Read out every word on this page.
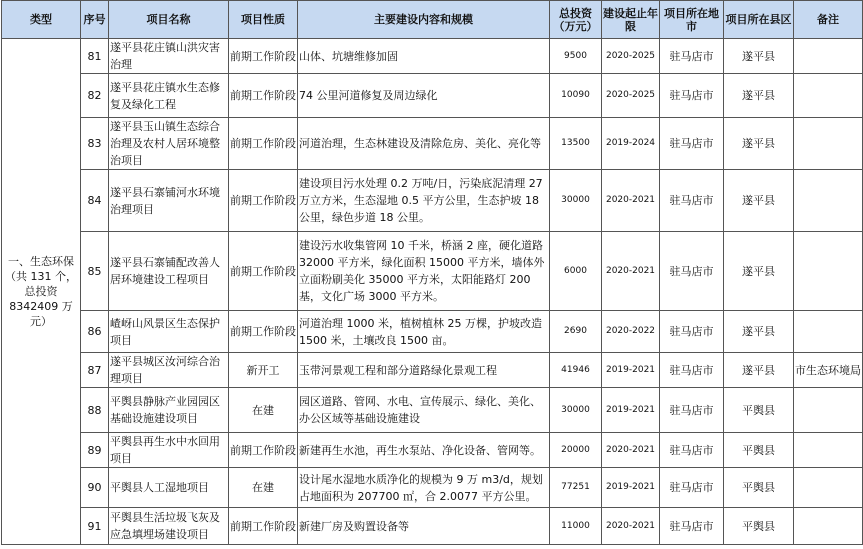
类型	序号	项目名称	项目性质	主要建设内容和规模	总投资（万元）	建设起止年限	项目所在地市	项目所在县区	备注
一、生态环保（共 131 个，总投资 8342409 万元）	81	遂平县花庄镇山洪灾害治理	前期工作阶段	山体、坑塘维修加固	9500	2020-2025	驻马店市	遂平县	
	82	遂平县花庄镇水生态修复及绿化工程	前期工作阶段	74 公里河道修复及周边绿化	10090	2020-2025	驻马店市	遂平县	
	83	遂平县玉山镇生态综合治理及农村人居环境整治项目	前期工作阶段	河道治理，生态林建设及清除危房、美化、亮化等	13500	2019-2024	驻马店市	遂平县	
	84	遂平县石寨铺河水环境治理项目	前期工作阶段	建设项目污水处理 0.2 万吨/日，污染底泥清理 27 万立方米，生态湿地 0.5 平方公里，生态护坡 18 公里，绿色步道 18 公里。	30000	2020-2021	驻马店市	遂平县	
	85	遂平县石寨铺配改善人居环境建设工程项目	前期工作阶段	建设污水收集管网 10 千米，桥涵 2 座，硬化道路 32000 平方米，绿化面积 15000 平方米，墙体外立面粉刷美化 35000 平方米，太阳能路灯 200 基，文化广场 3000 平方米。	6000	2020-2021	驻马店市	遂平县	
	86	嵖岈山风景区生态保护项目	前期工作阶段	河道治理 1000 米，植树植林 25 万棵，护坡改造 1500 米，土壤改良 1500 亩。	2690	2020-2022	驻马店市	遂平县	
	87	遂平县城区汝河综合治理项目	新开工	玉带河景观工程和部分道路绿化景观工程	41946	2019-2021	驻马店市	遂平县	市生态环境局
	88	平舆县静脉产业园园区基础设施建设项目	在建	园区道路、管网、水电、宣传展示、绿化、美化、办公区域等基础设施建设	30000	2019-2021	驻马店市	平舆县	
	89	平舆县再生水中水回用项目	前期工作阶段	新建再生水池，再生水泵站、净化设备、管网等。	20000	2020-2021	驻马店市	平舆县	
	90	平舆县人工湿地项目	在建	设计尾水湿地水质净化的规模为 9 万 m3/d，规划占地面积为 207700 ㎡，合 2.0077 平方公里。	77251	2019-2021	驻马店市	平舆县	
	91	平舆县生活垃圾飞灰及应急填埋场建设项目	前期工作阶段	新建厂房及购置设备等	11000	2020-2021	驻马店市	平舆县	
